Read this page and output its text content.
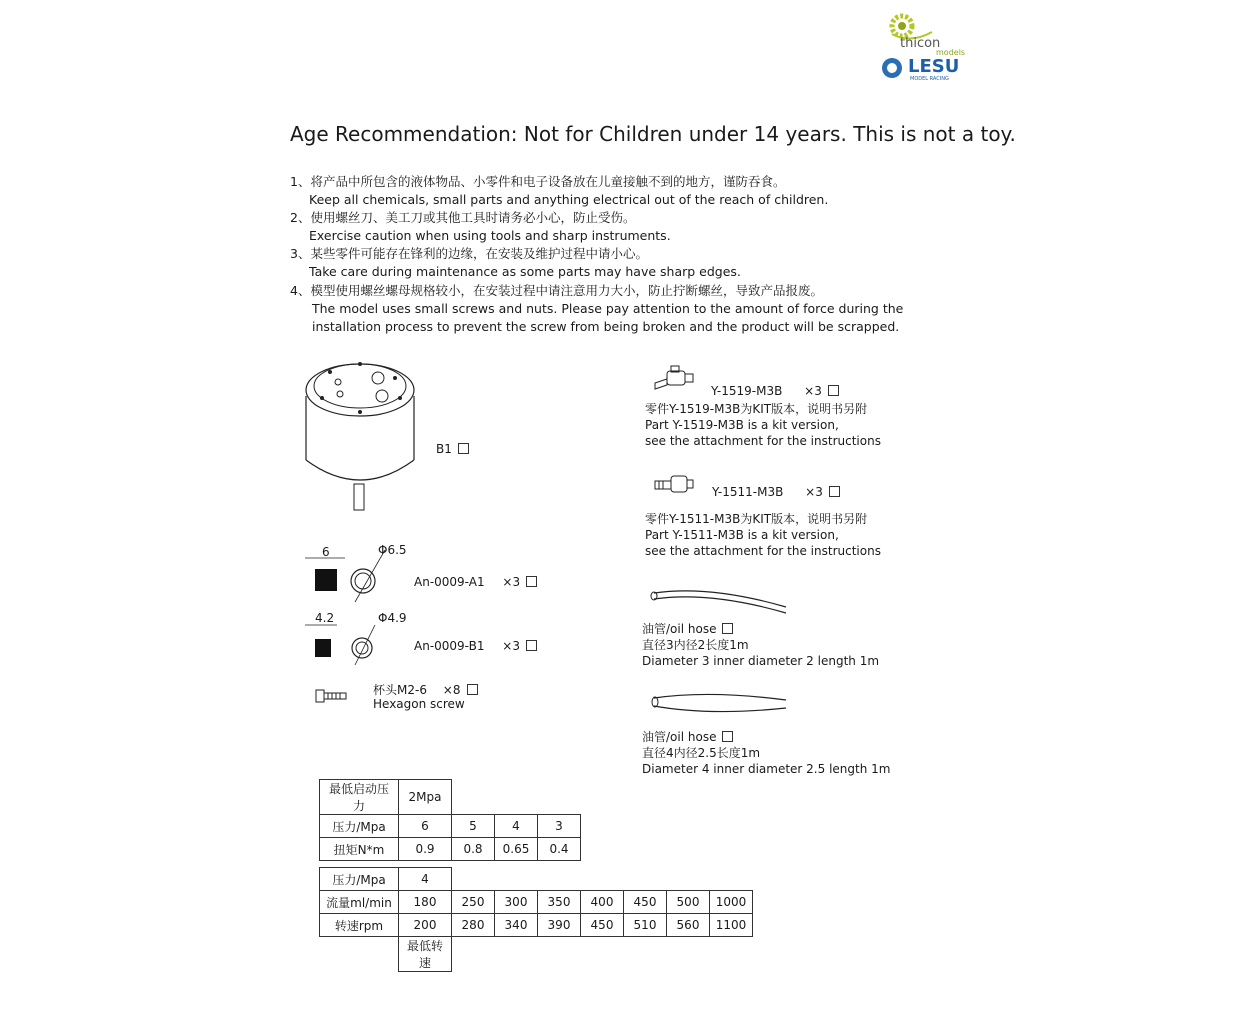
thicon
models
LESU
MODEL RACING
Age Recommendation: Not for Children under 14 years. This is not a toy.
1、将产品中所包含的液体物品、小零件和电子设备放在儿童接触不到的地方，谨防吞食。
Keep all chemicals, small parts and anything electrical out of the reach of children.
2、使用螺丝刀、美工刀或其他工具时请务必小心，防止受伤。
Exercise caution when using tools and sharp instruments.
3、某些零件可能存在锋利的边缘，在安装及维护过程中请小心。
Take care during maintenance as some parts may have sharp edges.
4、模型使用螺丝螺母规格较小，在安装过程中请注意用力大小，防止拧断螺丝，导致产品报废。
The model uses small screws and nuts. Please pay attention to the amount of force during the
installation process to prevent the screw from being broken and the product will be scrapped.
B1
6	Φ6.5
An-0009-A1 ×3
4.2	Φ4.9
An-0009-B1 ×3
杯头M2-6 ×8
Hexagon screw
Y-1519-M3B ×3
零件Y-1519-M3B为KIT版本，说明书另附
Part Y-1519-M3B is a kit version,
see the attachment for the instructions
Y-1511-M3B ×3
零件Y-1511-M3B为KIT版本，说明书另附
Part Y-1511-M3B is a kit version,
see the attachment for the instructions
油管/oil hose
直径3内径2长度1m
Diameter 3 inner diameter 2 length 1m
油管/oil hose
直径4内径2.5长度1m
Diameter 4 inner diameter 2.5 length 1m
最低启动压力	2Mpa			
压力/Mpa	6	5	4	3
扭矩N*m	0.9	0.8	0.65	0.4
压力/Mpa	4							
流量ml/min	180	250	300	350	400	450	500	1000
转速rpm	200	280	340	390	450	510	560	1100
	最低转速							
